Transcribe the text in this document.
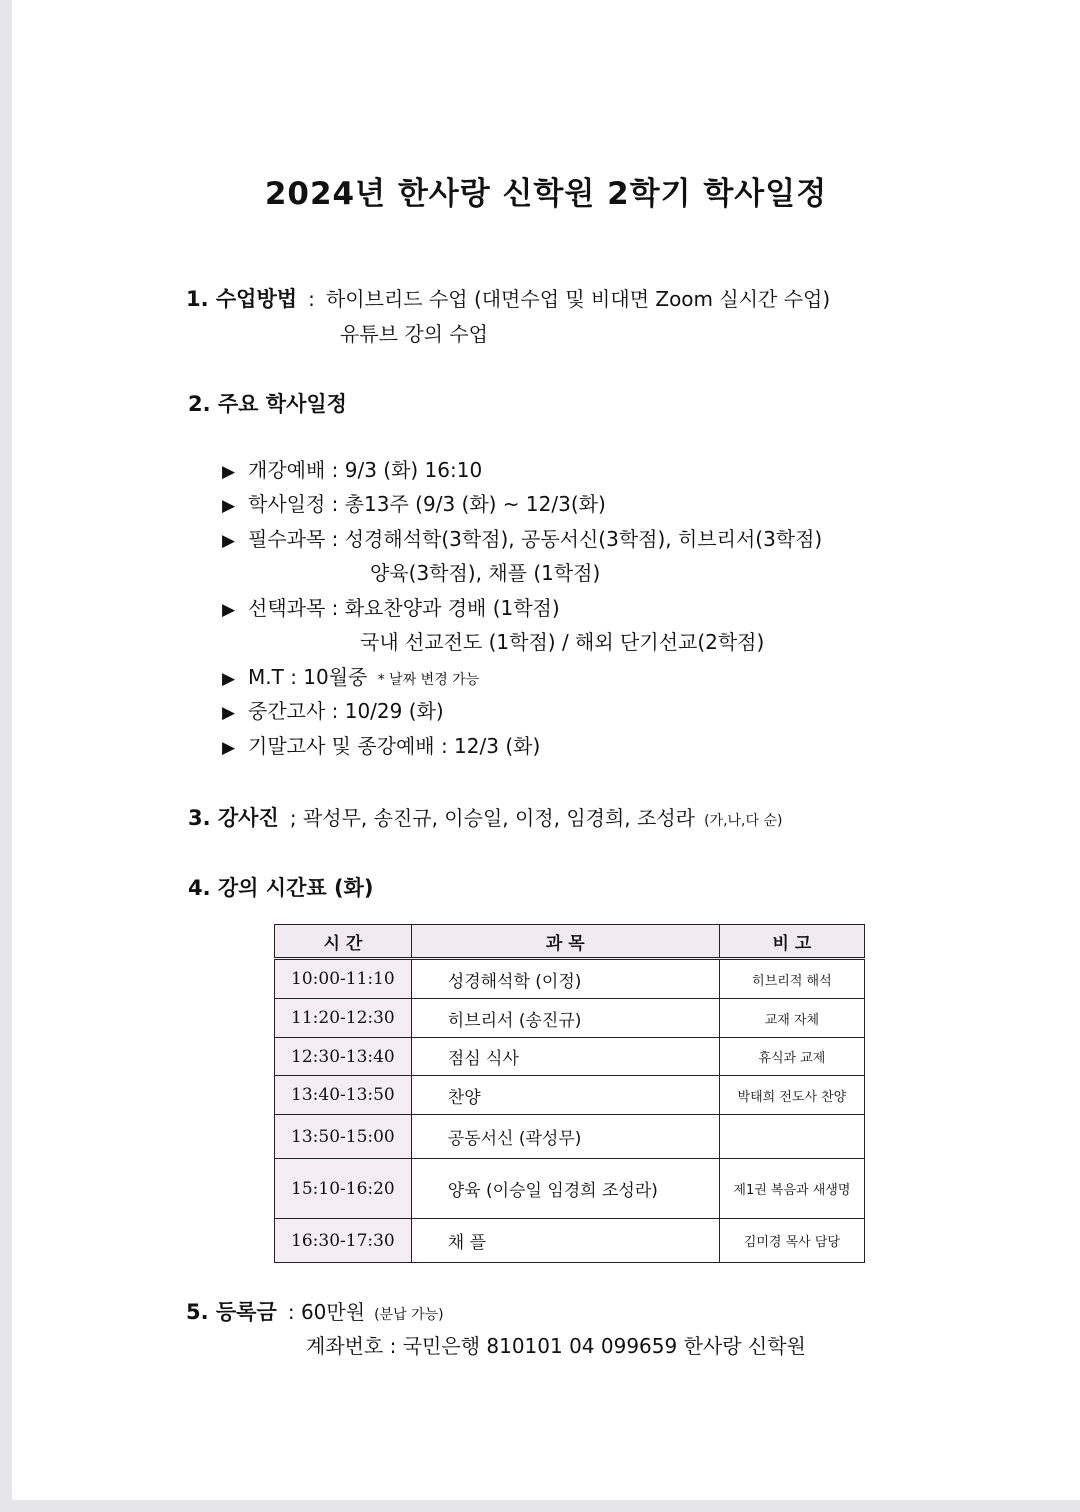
2024년 한사랑 신학원 2학기 학사일정
1. 수업방법 : 하이브리드 수업 (대면수업 및 비대면 Zoom 실시간 수업)
유튜브 강의 수업
2. 주요 학사일정
▶ 개강예배 : 9/3 (화) 16:10
▶ 학사일정 : 총13주 (9/3 (화) ~ 12/3(화)
▶ 필수과목 : 성경해석학(3학점), 공동서신(3학점), 히브리서(3학점)
양육(3학점), 채플 (1학점)
▶ 선택과목 : 화요찬양과 경배 (1학점)
국내 선교전도 (1학점) / 해외 단기선교(2학점)
▶ M.T : 10월중 * 날짜 변경 가능
▶ 중간고사 : 10/29 (화)
▶ 기말고사 및 종강예배 : 12/3 (화)
3. 강사진 ; 곽성무, 송진규, 이승일, 이정, 임경희, 조성라 (가,나,다 순)
4. 강의 시간표 (화)
시 간	과 목	비 고
10:00-11:10	성경해석학 (이정)	히브리적 해석
11:20-12:30	히브리서 (송진규)	교재 자체
12:30-13:40	점심 식사	휴식과 교제
13:40-13:50	찬양	박태희 전도사 찬양
13:50-15:00	공동서신 (곽성무)	
15:10-16:20	양육 (이승일 임경희 조성라)	제1권 복음과 새생명
16:30-17:30	채 플	김미경 목사 담당
5. 등록금 : 60만원 (분납 가능)
계좌번호 : 국민은행 810101 04 099659 한사랑 신학원
